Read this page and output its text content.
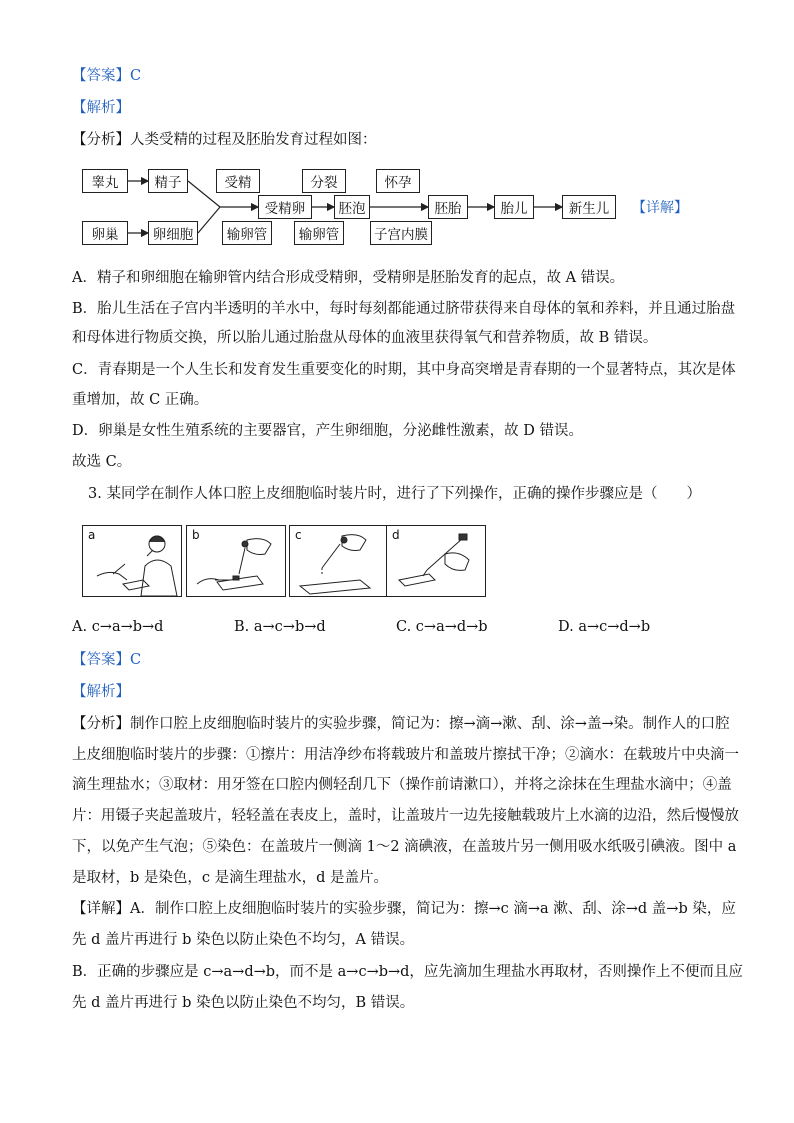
【答案】C
【解析】
【分析】人类受精的过程及胚胎发育过程如图：
睾丸	精子
卵巢	卵细胞
受精
受精卵
输卵管
分裂
胚泡
输卵管
怀孕
子宫内膜
胚胎	胎儿	新生儿	【详解】
A．精子和卵细胞在输卵管内结合形成受精卵，受精卵是胚胎发育的起点，故 A 错误。
B．胎儿生活在子宫内半透明的羊水中，每时每刻都能通过脐带获得来自母体的氧和养料，并且通过胎盘
和母体进行物质交换，所以胎儿通过胎盘从母体的血液里获得氧气和营养物质，故 B 错误。
C．青春期是一个人生长和发育发生重要变化的时期，其中身高突增是青春期的一个显著特点，其次是体
重增加，故 C 正确。
D．卵巢是女性生殖系统的主要器官，产生卵细胞，分泌雌性激素，故 D 错误。
故选 C。
3. 某同学在制作人体口腔上皮细胞临时装片时，进行了下列操作，正确的操作步骤应是（　　）
a	b	c	d
A. c→a→b→d	B. a→c→b→d	C. c→a→d→b	D. a→c→d→b
【答案】C
【解析】
【分析】制作口腔上皮细胞临时装片的实验步骤，简记为：擦→滴→漱、刮、涂→盖→染。制作人的口腔
上皮细胞临时装片的步骤：①擦片：用洁净纱布将载玻片和盖玻片擦拭干净；②滴水：在载玻片中央滴一
滴生理盐水；③取材：用牙签在口腔内侧轻刮几下（操作前请漱口），并将之涂抹在生理盐水滴中；④盖
片：用镊子夹起盖玻片，轻轻盖在表皮上，盖时，让盖玻片一边先接触载玻片上水滴的边沿，然后慢慢放
下，以免产生气泡；⑤染色：在盖玻片一侧滴 1～2 滴碘液，在盖玻片另一侧用吸水纸吸引碘液。图中 a
是取材，b 是染色，c 是滴生理盐水，d 是盖片。
【详解】A．制作口腔上皮细胞临时装片的实验步骤，简记为：擦→c 滴→a 漱、刮、涂→d 盖→b 染，应
先 d 盖片再进行 b 染色以防止染色不均匀，A 错误。
B．正确的步骤应是 c→a→d→b，而不是 a→c→b→d，应先滴加生理盐水再取材，否则操作上不便而且应
先 d 盖片再进行 b 染色以防止染色不均匀，B 错误。
